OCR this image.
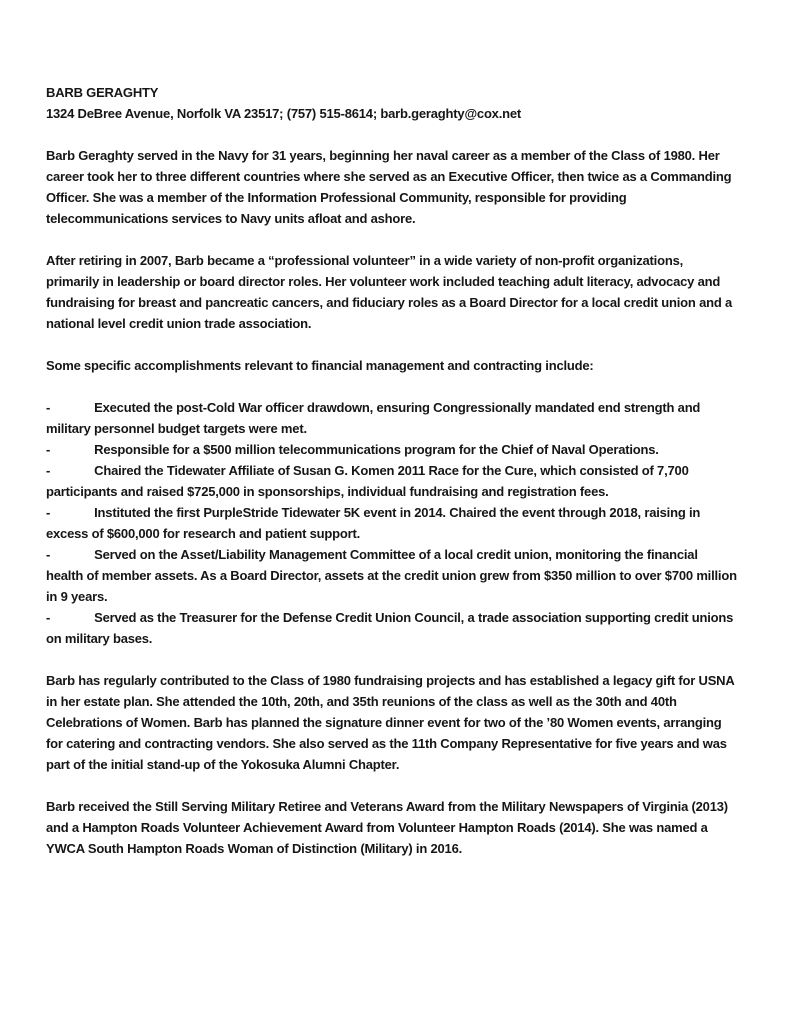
BARB GERAGHTY

1324 DeBree Avenue, Norfolk VA 23517; (757) 515-8614; barb.geraghty@cox.net

Barb Geraghty served in the Navy for 31 years, beginning her naval career as a member of the Class of 1980. Her career took her to three different countries where she served as an Executive Officer, then twice as a Commanding Officer. She was a member of the Information Professional Community, responsible for providing telecommunications services to Navy units afloat and ashore.

After retiring in 2007, Barb became a “professional volunteer” in a wide variety of non-profit organizations, primarily in leadership or board director roles. Her volunteer work included teaching adult literacy, advocacy and fundraising for breast and pancreatic cancers, and fiduciary roles as a Board Director for a local credit union and a national level credit union trade association.

Some specific accomplishments relevant to financial management and contracting include:

-	Executed the post-Cold War officer drawdown, ensuring Congressionally mandated end strength and military personnel budget targets were met.

-	Responsible for a $500 million telecommunications program for the Chief of Naval Operations.

-	Chaired the Tidewater Affiliate of Susan G. Komen 2011 Race for the Cure, which consisted of 7,700 participants and raised $725,000 in sponsorships, individual fundraising and registration fees.

-	Instituted the first PurpleStride Tidewater 5K event in 2014. Chaired the event through 2018, raising in excess of $600,000 for research and patient support.

-	Served on the Asset/Liability Management Committee of a local credit union, monitoring the financial health of member assets. As a Board Director, assets at the credit union grew from $350 million to over $700 million in 9 years.

-	Served as the Treasurer for the Defense Credit Union Council, a trade association supporting credit unions on military bases.

Barb has regularly contributed to the Class of 1980 fundraising projects and has established a legacy gift for USNA in her estate plan. She attended the 10th, 20th, and 35th reunions of the class as well as the 30th and 40th Celebrations of Women. Barb has planned the signature dinner event for two of the ’80 Women events, arranging for catering and contracting vendors. She also served as the 11th Company Representative for five years and was part of the initial stand-up of the Yokosuka Alumni Chapter.

Barb received the Still Serving Military Retiree and Veterans Award from the Military Newspapers of Virginia (2013) and a Hampton Roads Volunteer Achievement Award from Volunteer Hampton Roads (2014). She was named a YWCA South Hampton Roads Woman of Distinction (Military) in 2016.
